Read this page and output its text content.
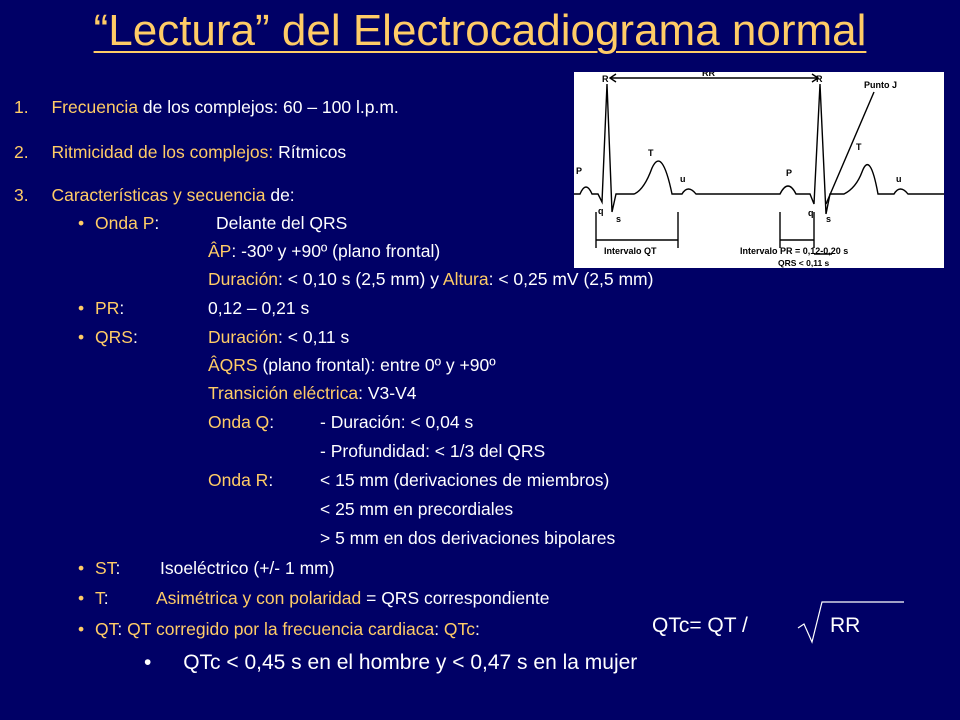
“Lectura” del Electrocadiograma normal
R	R
RR
Punto J
P	P
T
T
u	u
q	q
s	s
Intervalo QT	Intervalo PR = 0,12-0,20 s
QRS < 0,11 s
1. Frecuencia de los complejos: 60 – 100 l.p.m.
2. Ritmicidad de los complejos: Rítmicos
3. Características y secuencia de:
• Onda P:	Delante del QRS
ÂP: -30º y +90º (plano frontal)
Duración: < 0,10 s (2,5 mm) y Altura: < 0,25 mV (2,5 mm)
• PR:	0,12 – 0,21 s
• QRS:	Duración: < 0,11 s
ÂQRS (plano frontal): entre 0º y +90º
Transición eléctrica: V3-V4
Onda Q:	- Duración: < 0,04 s
- Profundidad: < 1/3 del QRS
Onda R:	< 15 mm (derivaciones de miembros)
< 25 mm en precordiales
> 5 mm en dos derivaciones bipolares
• ST: Isoeléctrico (+/- 1 mm)
• T:	Asimétrica y con polaridad = QRS correspondiente
• QT: QT corregido por la frecuencia cardiaca: QTc:	QTc= QT /	RR
• QTc < 0,45 s en el hombre y < 0,47 s en la mujer
